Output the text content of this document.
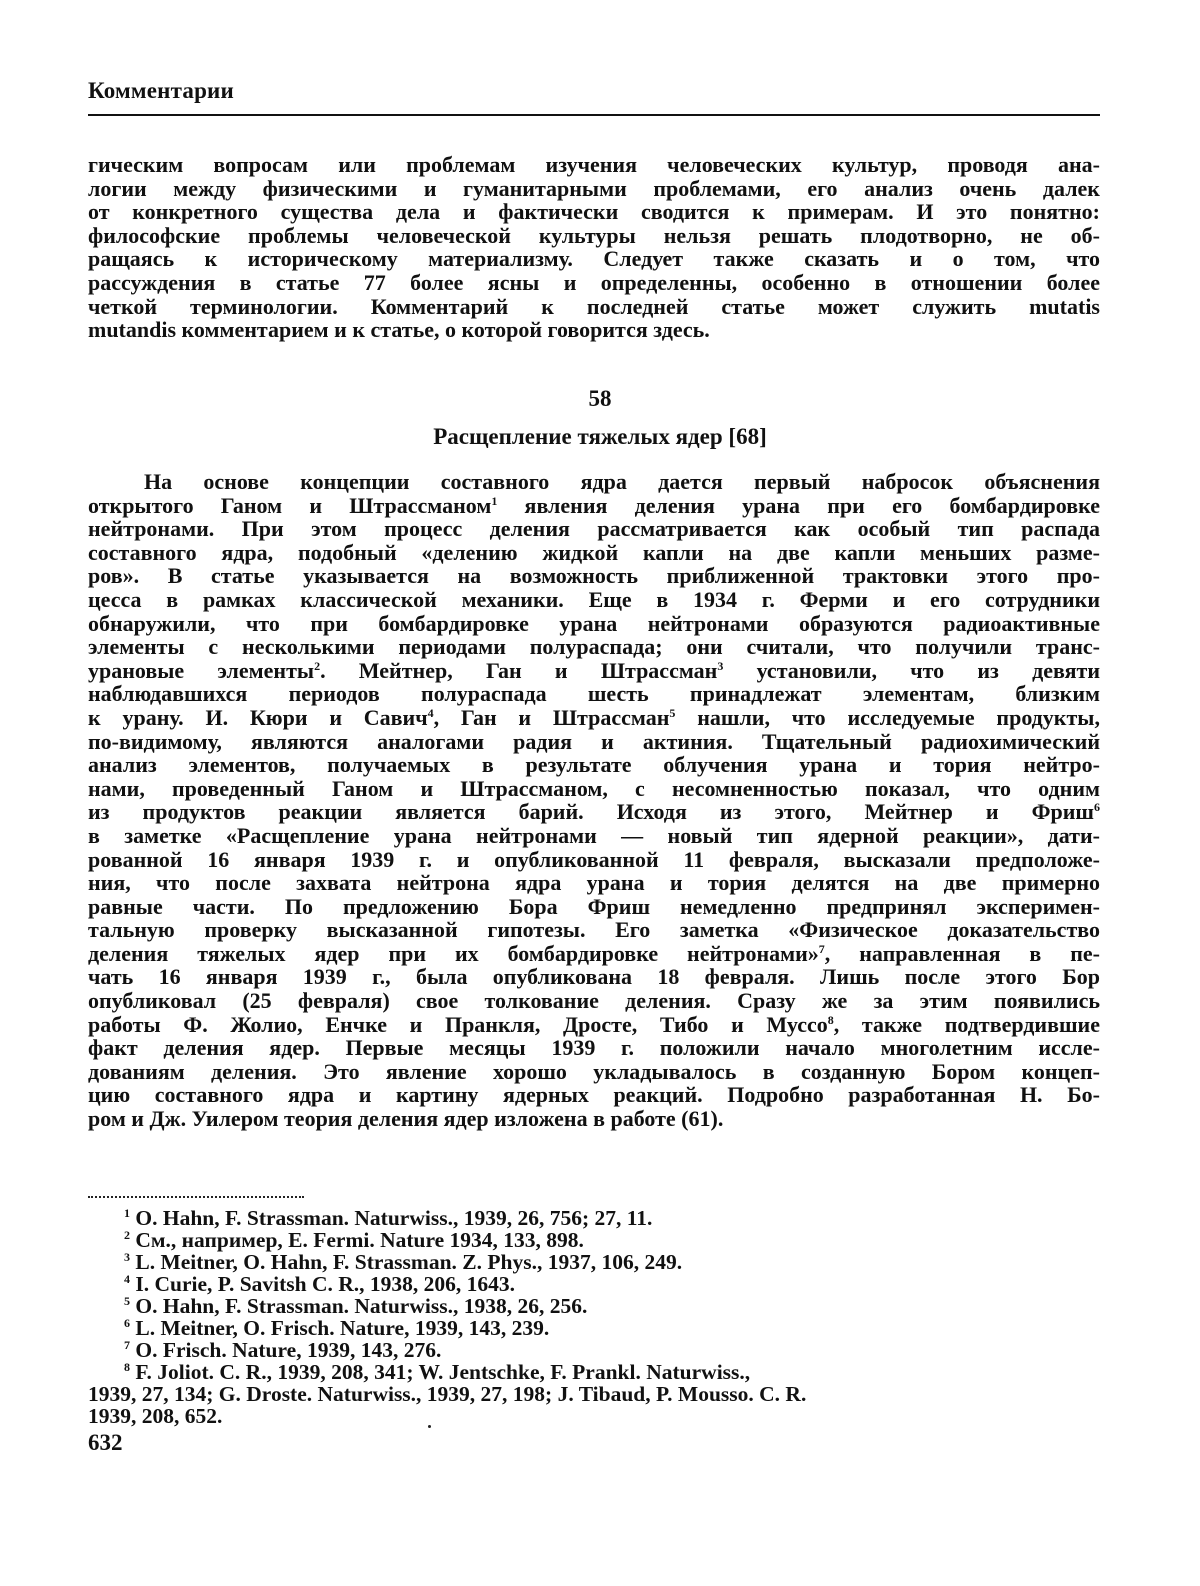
Комментарии
гическим вопросам или проблемам изучения человеческих культур, проводя ана-
логии между физическими и гуманитарными проблемами, его анализ очень далек
от конкретного существа дела и фактически сводится к примерам. И это понятно:
философские проблемы человеческой культуры нельзя решать плодотворно, не об-
ращаясь к историческому материализму. Следует также сказать и о том, что
рассуждения в статье 77 более ясны и определенны, особенно в отношении более
четкой терминологии. Комментарий к последней статье может служить mutatis
mutandis комментарием и к статье, о которой говорится здесь.
58
Расщепление тяжелых ядер [68]
На основе концепции составного ядра дается первый набросок объяснения
открытого Ганом и Штрассманом$^1$ явления деления урана при его бомбардировке
нейтронами. При этом процесс деления рассматривается как особый тип распада
составного ядра, подобный «делению жидкой капли на две капли меньших разме-
ров». В статье указывается на возможность приближенной трактовки этого про-
цесса в рамках классической механики. Еще в 1934 г. Ферми и его сотрудники
обнаружили, что при бомбардировке урана нейтронами образуются радиоактивные
элементы с несколькими периодами полураспада; они считали, что получили транс-
урановые элементы$^2$. Мейтнер, Ган и Штрассман$^3$ установили, что из девяти
наблюдавшихся периодов полураспада шесть принадлежат элементам, близким
к урану. И. Кюри и Савич$^4$, Ган и Штрассман$^5$ нашли, что исследуемые продукты,
по-видимому, являются аналогами радия и актиния. Тщательный радиохимический
анализ элементов, получаемых в результате облучения урана и тория нейтро-
нами, проведенный Ганом и Штрассманом, с несомненностью показал, что одним
из продуктов реакции является барий. Исходя из этого, Мейтнер и Фриш$^6$
в заметке «Расщепление урана нейтронами — новый тип ядерной реакции», дати-
рованной 16 января 1939 г. и опубликованной 11 февраля, высказали предположе-
ния, что после захвата нейтрона ядра урана и тория делятся на две примерно
равные части. По предложению Бора Фриш немедленно предпринял эксперимен-
тальную проверку высказанной гипотезы. Его заметка «Физическое доказательство
деления тяжелых ядер при их бомбардировке нейтронами»$^7$, направленная в пе-
чать 16 января 1939 г., была опубликована 18 февраля. Лишь после этого Бор
опубликовал (25 февраля) свое толкование деления. Сразу же за этим появились
работы Ф. Жолио, Енчке и Пранкля, Дросте, Тибо и Муссо$^8$, также подтвердившие
факт деления ядер. Первые месяцы 1939 г. положили начало многолетним иссле-
дованиям деления. Это явление хорошо укладывалось в созданную Бором концеп-
цию составного ядра и картину ядерных реакций. Подробно разработанная Н. Бо-
ром и Дж. Уилером теория деления ядер изложена в работе (61).
$^1$ O. Hahn, F. Strassman. Naturwiss., 1939, 26, 756; 27, 11.
$^2$ См., например, E. Fermi. Nature 1934, 133, 898.
$^3$ L. Meitner, O. Hahn, F. Strassman. Z. Phys., 1937, 106, 249.
$^4$ I. Curie, P. Savitsh C. R., 1938, 206, 1643.
$^5$ O. Hahn, F. Strassman. Naturwiss., 1938, 26, 256.
$^6$ L. Meitner, O. Frisch. Nature, 1939, 143, 239.
$^7$ O. Frisch. Nature, 1939, 143, 276.
$^8$ F. Joliot. C. R., 1939, 208, 341; W. Jentschke, F. Prankl. Naturwiss.,
1939, 27, 134; G. Droste. Naturwiss., 1939, 27, 198; J. Tibaud, P. Mousso. C. R.
1939, 208, 652.
632
